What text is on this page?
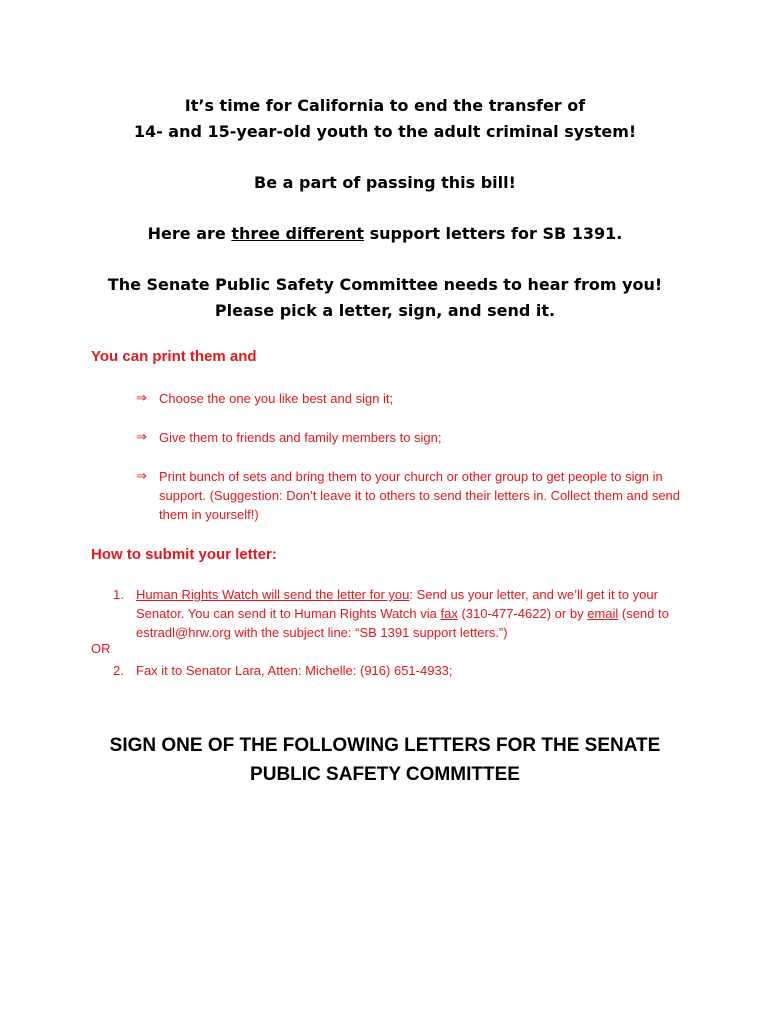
It’s time for California to end the transfer of
14- and 15-year-old youth to the adult criminal system!
Be a part of passing this bill!
Here are three different support letters for SB 1391.
The Senate Public Safety Committee needs to hear from you!
Please pick a letter, sign, and send it.
You can print them and
⇒ Choose the one you like best and sign it;
⇒ Give them to friends and family members to sign;
⇒ Print bunch of sets and bring them to your church or other group to get people to sign in support. (Suggestion: Don’t leave it to others to send their letters in. Collect them and send them in yourself!)
How to submit your letter:
1. Human Rights Watch will send the letter for you: Send us your letter, and we’ll get it to your Senator. You can send it to Human Rights Watch via fax (310-477-4622) or by email (send to estradl@hrw.org with the subject line: “SB 1391 support letters.”)
OR
2. Fax it to Senator Lara, Atten: Michelle: (916) 651-4933;
SIGN ONE OF THE FOLLOWING LETTERS FOR THE SENATE
PUBLIC SAFETY COMMITTEE
